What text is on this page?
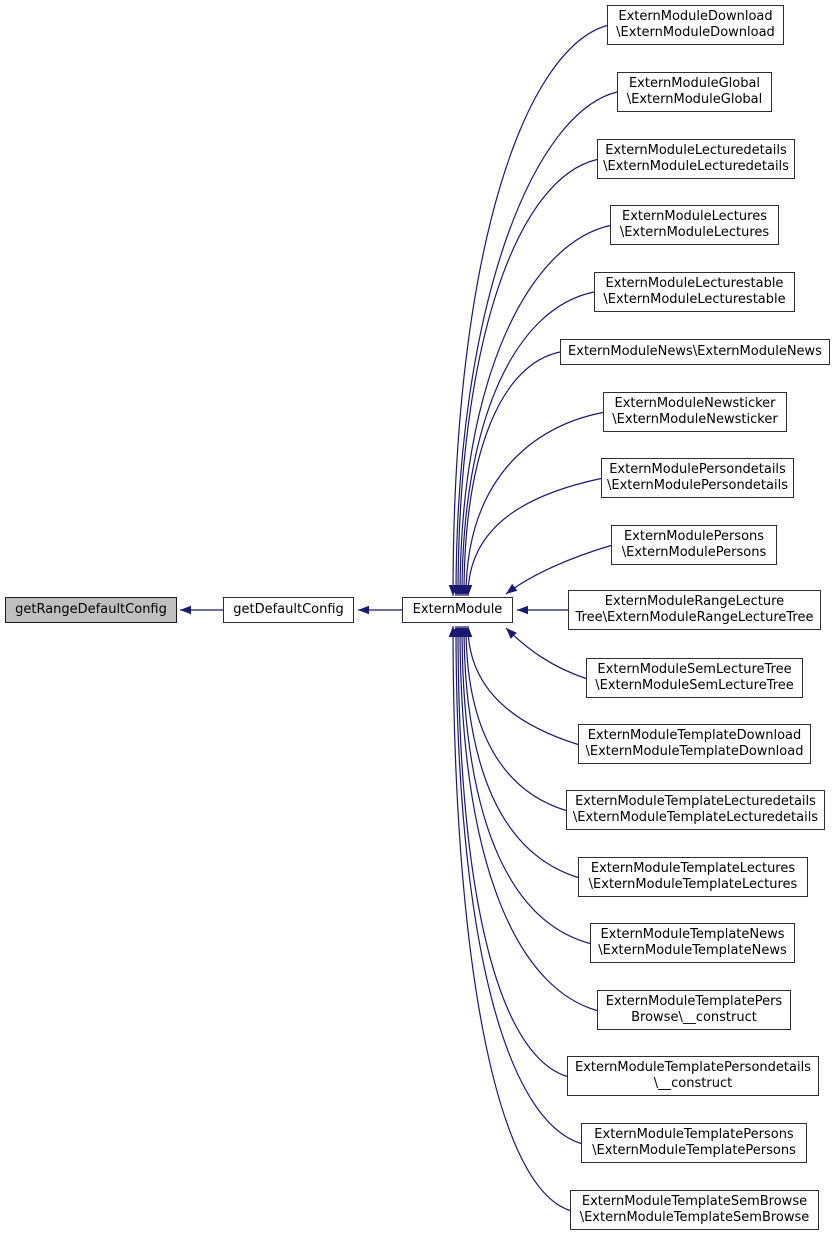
getRangeDefaultConfig	getDefaultConfig	ExternModule
ExternModuleDownload
\ExternModuleDownload
ExternModuleGlobal
\ExternModuleGlobal
ExternModuleLecturedetails
\ExternModuleLecturedetails
ExternModuleLectures
\ExternModuleLectures
ExternModuleLecturestable
\ExternModuleLecturestable
ExternModuleNews\ExternModuleNews
ExternModuleNewsticker
\ExternModuleNewsticker
ExternModulePersondetails
\ExternModulePersondetails
ExternModulePersons
\ExternModulePersons
ExternModuleRangeLecture
Tree\ExternModuleRangeLectureTree
ExternModuleSemLectureTree
\ExternModuleSemLectureTree
ExternModuleTemplateDownload
\ExternModuleTemplateDownload
ExternModuleTemplateLecturedetails
\ExternModuleTemplateLecturedetails
ExternModuleTemplateLectures
\ExternModuleTemplateLectures
ExternModuleTemplateNews
\ExternModuleTemplateNews
ExternModuleTemplatePers
Browse\__construct
ExternModuleTemplatePersondetails
\__construct
ExternModuleTemplatePersons
\ExternModuleTemplatePersons
ExternModuleTemplateSemBrowse
\ExternModuleTemplateSemBrowse
